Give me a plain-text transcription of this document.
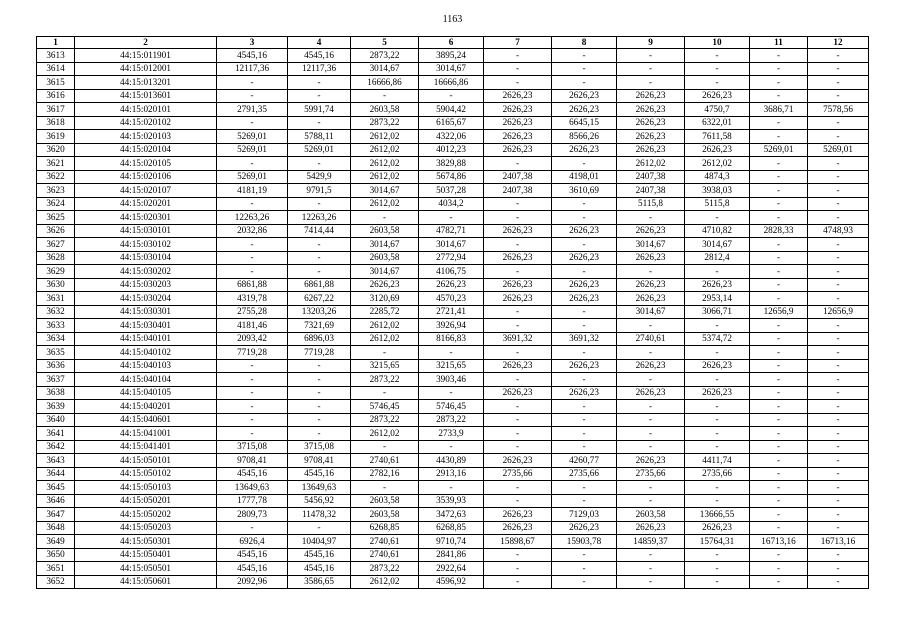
1163
1	2	3	4	5	6	7	8	9	10	11	12
3613	44:15:011901	4545,16	4545,16	2873,22	3895,24	-	-	-	-	-	-
3614	44:15:012001	12117,36	12117,36	3014,67	3014,67	-	-	-	-	-	-
3615	44:15:013201	-	-	16666,86	16666,86	-	-	-	-	-	-
3616	44:15:013601	-	-	-	-	2626,23	2626,23	2626,23	2626,23	-	-
3617	44:15:020101	2791,35	5991,74	2603,58	5904,42	2626,23	2626,23	2626,23	4750,7	3686,71	7578,56
3618	44:15:020102	-	-	2873,22	6165,67	2626,23	6645,15	2626,23	6322,01	-	-
3619	44:15:020103	5269,01	5788,11	2612,02	4322,06	2626,23	8566,26	2626,23	7611,58	-	-
3620	44:15:020104	5269,01	5269,01	2612,02	4012,23	2626,23	2626,23	2626,23	2626,23	5269,01	5269,01
3621	44:15:020105	-	-	2612,02	3829,88	-	-	2612,02	2612,02	-	-
3622	44:15:020106	5269,01	5429,9	2612,02	5674,86	2407,38	4198,01	2407,38	4874,3	-	-
3623	44:15:020107	4181,19	9791,5	3014,67	5037,28	2407,38	3610,69	2407,38	3938,03	-	-
3624	44:15:020201	-	-	2612,02	4034,2	-	-	5115,8	5115,8	-	-
3625	44:15:020301	12263,26	12263,26	-	-	-	-	-	-	-	-
3626	44:15:030101	2032,86	7414,44	2603,58	4782,71	2626,23	2626,23	2626,23	4710,82	2828,33	4748,93
3627	44:15:030102	-	-	3014,67	3014,67	-	-	3014,67	3014,67	-	-
3628	44:15:030104	-	-	2603,58	2772,94	2626,23	2626,23	2626,23	2812,4	-	-
3629	44:15:030202	-	-	3014,67	4106,75	-	-	-	-	-	-
3630	44:15:030203	6861,88	6861,88	2626,23	2626,23	2626,23	2626,23	2626,23	2626,23	-	-
3631	44:15:030204	4319,78	6267,22	3120,69	4570,23	2626,23	2626,23	2626,23	2953,14	-	-
3632	44:15:030301	2755,28	13203,26	2285,72	2721,41	-	-	3014,67	3066,71	12656,9	12656,9
3633	44:15:030401	4181,46	7321,69	2612,02	3926,94	-	-	-	-	-	-
3634	44:15:040101	2093,42	6896,03	2612,02	8166,83	3691,32	3691,32	2740,61	5374,72	-	-
3635	44:15:040102	7719,28	7719,28	-	-	-	-	-	-	-	-
3636	44:15:040103	-	-	3215,65	3215,65	2626,23	2626,23	2626,23	2626,23	-	-
3637	44:15:040104	-	-	2873,22	3903,46	-	-	-	-	-	-
3638	44:15:040105	-	-	-	-	2626,23	2626,23	2626,23	2626,23	-	-
3639	44:15:040201	-	-	5746,45	5746,45	-	-	-	-	-	-
3640	44:15:040601	-	-	2873,22	2873,22	-	-	-	-	-	-
3641	44:15:041001	-	-	2612,02	2733,9	-	-	-	-	-	-
3642	44:15:041401	3715,08	3715,08	-	-	-	-	-	-	-	-
3643	44:15:050101	9708,41	9708,41	2740,61	4430,89	2626,23	4260,77	2626,23	4411,74	-	-
3644	44:15:050102	4545,16	4545,16	2782,16	2913,16	2735,66	2735,66	2735,66	2735,66	-	-
3645	44:15:050103	13649,63	13649,63	-	-	-	-	-	-	-	-
3646	44:15:050201	1777,78	5456,92	2603,58	3539,93	-	-	-	-	-	-
3647	44:15:050202	2809,73	11478,32	2603,58	3472,63	2626,23	7129,03	2603,58	13666,55	-	-
3648	44:15:050203	-	-	6268,85	6268,85	2626,23	2626,23	2626,23	2626,23	-	-
3649	44:15:050301	6926,4	10404,97	2740,61	9710,74	15898,67	15903,78	14859,37	15764,31	16713,16	16713,16
3650	44:15:050401	4545,16	4545,16	2740,61	2841,86	-	-	-	-	-	-
3651	44:15:050501	4545,16	4545,16	2873,22	2922,64	-	-	-	-	-	-
3652	44:15:050601	2092,96	3586,65	2612,02	4596,92	-	-	-	-	-	-
